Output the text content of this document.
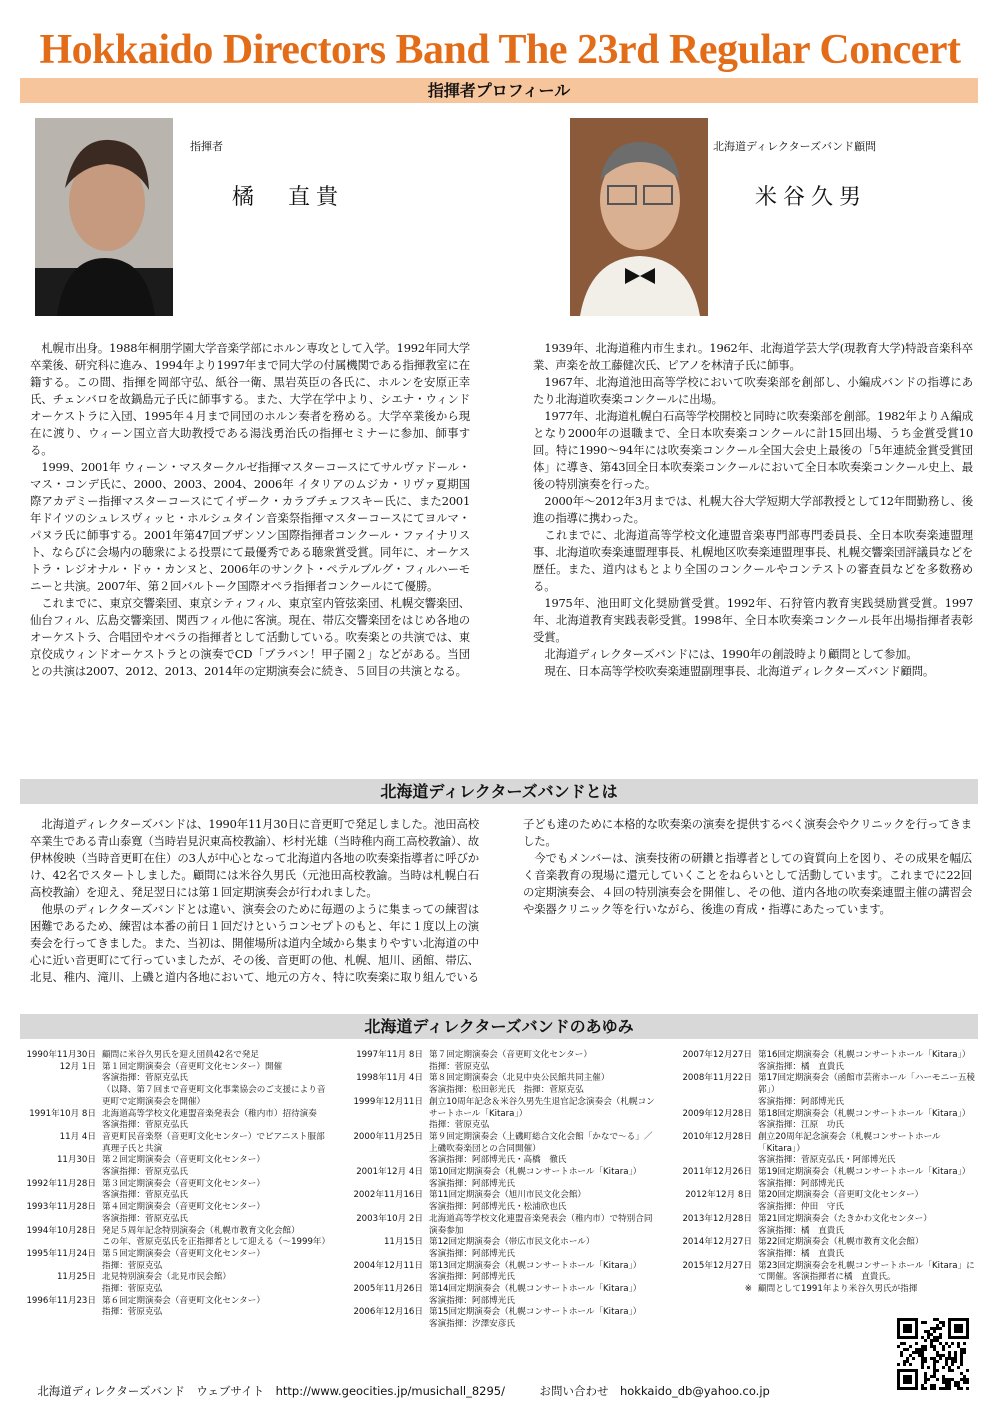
Hokkaido Directors Band The 23rd Regular Concert
指揮者プロフィール
指揮者
橘　直貴
北海道ディレクターズバンド顧問
米谷久男

札幌市出身。1988年桐朋学園大学音楽学部にホルン専攻として入学。1992年同大学卒業後、研究科に進み、1994年より1997年まで同大学の付属機関である指揮教室に在籍する。この間、指揮を岡部守弘、紙谷一衛、黒岩英臣の各氏に、ホルンを安原正幸氏、チェンバロを故鍋島元子氏に師事する。また、大学在学中より、シエナ・ウィンドオーケストラに入団、1995年４月まで同団のホルン奏者を務める。大学卒業後から現在に渡り、ウィーン国立音大助教授である湯浅勇治氏の指揮セミナーに参加、師事する。

1999、2001年 ウィーン・マスタークルゼ指揮マスターコースにてサルヴァドール・マス・コンデ氏に、2000、2003、2004、2006年 イタリアのムジカ・リヴァ夏期国際アカデミー指揮マスターコースにてイザーク・カラブチェフスキー氏に、また2001年ドイツのシュレスヴィッヒ・ホルシュタイン音楽祭指揮マスターコースにてヨルマ・パヌラ氏に師事する。2001年第47回ブザンソン国際指揮者コンクール・ファイナリスト、ならびに会場内の聴衆による投票にて最優秀である聴衆賞受賞。同年に、オーケストラ・レジオナル・ドゥ・カンヌと、2006年のサンクト・ペテルブルグ・フィルハーモニーと共演。2007年、第２回バルトーク国際オペラ指揮者コンクールにて優勝。

これまでに、東京交響楽団、東京シティフィル、東京室内管弦楽団、札幌交響楽団、仙台フィル、広島交響楽団、関西フィル他に客演。現在、帯広交響楽団をはじめ各地のオーケストラ、合唱団やオペラの指揮者として活動している。吹奏楽との共演では、東京佼成ウィンドオーケストラとの演奏でCD「ブラバン！甲子園２」などがある。当団との共演は2007、2012、2013、2014年の定期演奏会に続き、５回目の共演となる。

1939年、北海道稚内市生まれ。1962年、北海道学芸大学(現教育大学)特設音楽科卒業、声楽を故工藤健次氏、ピアノを林清子氏に師事。

1967年、北海道池田高等学校において吹奏楽部を創部し、小編成バンドの指導にあたり北海道吹奏楽コンクールに出場。

1977年、北海道札幌白石高等学校開校と同時に吹奏楽部を創部。1982年よりＡ編成となり2000年の退職まで、全日本吹奏楽コンクールに計15回出場、うち金賞受賞10回。特に1990～94年には吹奏楽コンクール全国大会史上最後の「5年連続金賞受賞団体」に導き、第43回全日本吹奏楽コンクールにおいて全日本吹奏楽コンクール史上、最後の特別演奏を行った。

2000年～2012年3月までは、札幌大谷大学短期大学部教授として12年間勤務し、後進の指導に携わった。

これまでに、北海道高等学校文化連盟音楽専門部専門委員長、全日本吹奏楽連盟理事、北海道吹奏楽連盟理事長、札幌地区吹奏楽連盟理事長、札幌交響楽団評議員などを歴任。また、道内はもとより全国のコンクールやコンテストの審査員などを多数務める。

1975年、池田町文化奨励賞受賞。1992年、石狩管内教育実践奨励賞受賞。1997年、北海道教育実践表彰受賞。1998年、全日本吹奏楽コンクール長年出場指揮者表彰受賞。

北海道ディレクターズバンドには、1990年の創設時より顧問として参加。

現在、日本高等学校吹奏楽連盟副理事長、北海道ディレクターズバンド顧問。

北海道ディレクターズバンドとは

北海道ディレクターズバンドは、1990年11月30日に音更町で発足しました。池田高校卒業生である青山泰寛（当時岩見沢東高校教諭）、杉村光雄（当時稚内商工高校教諭）、故伊林俊映（当時音更町在住）の3人が中心となって北海道内各地の吹奏楽指導者に呼びかけ、42名でスタートしました。顧問には米谷久男氏（元池田高校教諭。当時は札幌白石高校教諭）を迎え、発足翌日には第１回定期演奏会が行われました。

他県のディレクターズバンドとは違い、演奏会のために毎週のように集まっての練習は困難であるため、練習は本番の前日１回だけというコンセプトのもと、年に１度以上の演奏会を行ってきました。また、当初は、開催場所は道内全域から集まりやすい北海道の中心に近い音更町にて行っていましたが、その後、音更町の他、札幌、旭川、函館、帯広、北見、稚内、滝川、上磯と道内各地において、地元の方々、特に吹奏楽に取り組んでいる子ども達のために本格的な吹奏楽の演奏を提供するべく演奏会やクリニックを行ってきました。

今でもメンバーは、演奏技術の研鑽と指導者としての資質向上を図り、その成果を幅広く音楽教育の現場に還元していくことをねらいとして活動しています。これまでに22回の定期演奏会、４回の特別演奏会を開催し、その他、道内各地の吹奏楽連盟主催の講習会や楽器クリニック等を行いながら、後進の育成・指導にあたっています。

北海道ディレクターズバンドのあゆみ
1990年11月30日 顧問に米谷久男氏を迎え団員42名で発足
12月 1日 第１回定期演奏会（音更町文化センター）開催
客演指揮：菅原克弘氏
（以降、第７回まで音更町文化事業協会のご支援により音更町で定期演奏会を開催）
1991年10月 8日 北海道高等学校文化連盟音楽発表会（稚内市）招待演奏　客演指揮：菅原克弘氏
11月 4日 音更町民音楽祭（音更町文化センター）でピアニスト服部真理子氏と共演
11月30日 第２回定期演奏会（音更町文化センター）
客演指揮：菅原克弘氏
1992年11月28日 第３回定期演奏会（音更町文化センター）
客演指揮：菅原克弘氏
1993年11月28日 第４回定期演奏会（音更町文化センター）
客演指揮：菅原克弘氏
1994年10月28日 発足５周年記念特別演奏会（札幌市教育文化会館）
この年、菅原克弘氏を正指揮者として迎える（～1999年）
1995年11月24日 第５回定期演奏会（音更町文化センター）
指揮：菅原克弘
11月25日 北見特別演奏会（北見市民会館）
指揮：菅原克弘
1996年11月23日 第６回定期演奏会（音更町文化センター）
指揮：菅原克弘
1997年11月 8日 第７回定期演奏会（音更町文化センター）
指揮：菅原克弘
1998年11月 4日 第８回定期演奏会（北見中央公民館共同主催）
客演指揮：松田彰光氏　指揮：菅原克弘
1999年12月11日 創立10周年記念＆米谷久男先生退官記念演奏会（札幌コンサートホール「Kitara」）
指揮：菅原克弘
2000年11月25日 第９回定期演奏会（上磯町総合文化会館「かなで～る」／上磯吹奏楽団との合同開催）
客演指揮：阿部博光氏・高橋　徹氏
2001年12月 4日 第10回定期演奏会（札幌コンサートホール「Kitara」）
客演指揮：阿部博光氏
2002年11月16日 第11回定期演奏会（旭川市民文化会館）
客演指揮：阿部博光氏・松浦欣也氏
2003年10月 2日 北海道高等学校文化連盟音楽発表会（稚内市）で特別合同演奏参加
11月15日 第12回定期演奏会（帯広市民文化ホール）
客演指揮：阿部博光氏
2004年12月11日 第13回定期演奏会（札幌コンサートホール「Kitara」）
客演指揮：阿部博光氏
2005年11月26日 第14回定期演奏会（札幌コンサートホール「Kitara」）
客演指揮：阿部博光氏
2006年12月16日 第15回定期演奏会（札幌コンサートホール「Kitara」）
客演指揮：汐澤安彦氏
2007年12月27日 第16回定期演奏会（札幌コンサートホール「Kitara」）
客演指揮：橘　直貴氏
2008年11月22日 第17回定期演奏会（函館市芸術ホール「ハーモニー五稜郭」）
客演指揮：阿部博光氏
2009年12月28日 第18回定期演奏会（札幌コンサートホール「Kitara」）
客演指揮：江原　功氏
2010年12月28日 創立20周年記念演奏会（札幌コンサートホール「Kitara」）
客演指揮：菅原克弘氏・阿部博光氏
2011年12月26日 第19回定期演奏会（札幌コンサートホール「Kitara」）
客演指揮：阿部博光氏
2012年12月 8日 第20回定期演奏会（音更町文化センター）
客演指揮：仲田　守氏
2013年12月28日 第21回定期演奏会（たきかわ文化センター）
客演指揮：橘　直貴氏
2014年12月27日 第22回定期演奏会（札幌市教育文化会館）
客演指揮：橘　直貴氏
2015年12月27日 第23回定期演奏会を札幌コンサートホール「Kitara」にて開催。客演指揮者に橘　直貴氏。
※ 顧問として1991年より米谷久男氏が指揮

北海道ディレクターズバンド　ウェブサイト　 http://www.geocities.jp/musichall_8295/　　　	お問い合わせ　 hokkaido_db@yahoo.co.jp
